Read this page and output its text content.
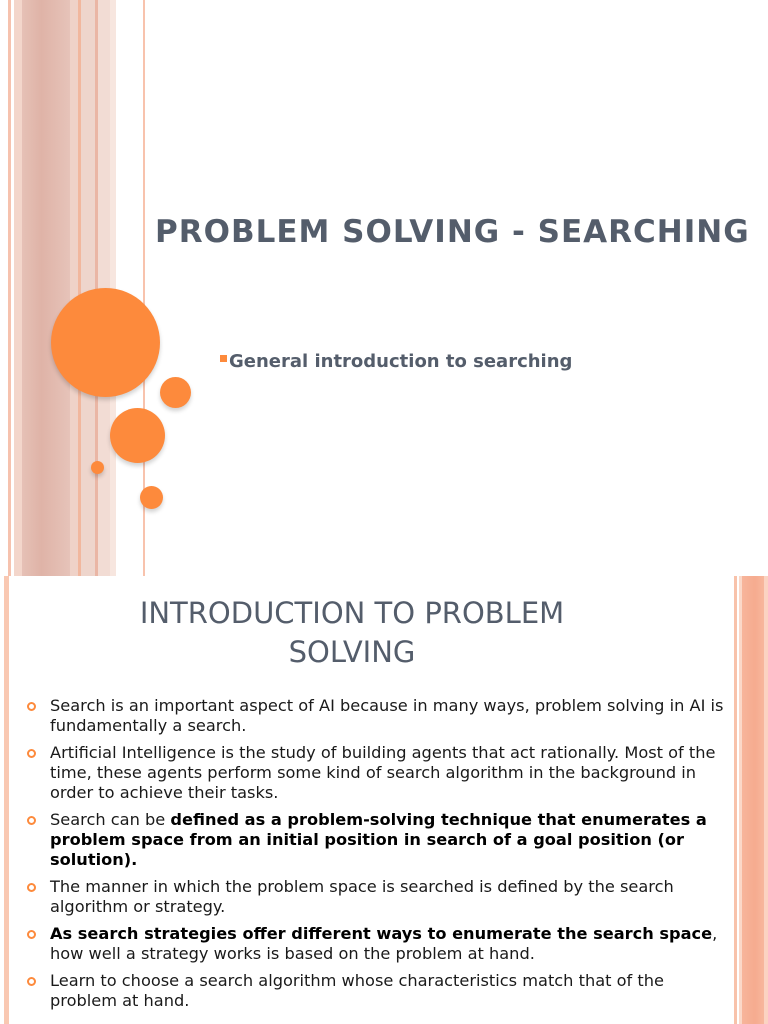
PROBLEM SOLVING - SEARCHING
General introduction to searching
INTRODUCTION TO PROBLEM
SOLVING
Search is an important aspect of AI because in many ways, problem solving in AI is fundamentally a search.
Artificial Intelligence is the study of building agents that act rationally. Most of the time, these agents perform some kind of search algorithm in the background in order to achieve their tasks.
Search can be defined as a problem-solving technique that enumerates a problem space from an initial position in search of a goal position (or solution).
The manner in which the problem space is searched is defined by the search algorithm or strategy.
As search strategies offer different ways to enumerate the search space, how well a strategy works is based on the problem at hand.
Learn to choose a search algorithm whose characteristics match that of the problem at hand.
